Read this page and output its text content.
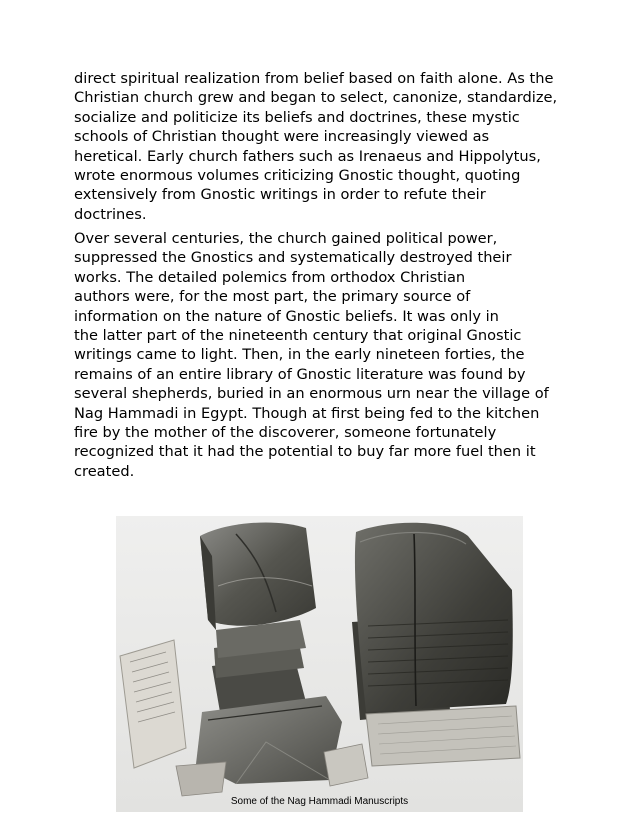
direct spiritual realization from belief based on faith alone. As the
Christian church grew and began to select, canonize, standardize,
socialize and politicize its beliefs and doctrines, these mystic
schools of Christian thought were increasingly viewed as
heretical. Early church fathers such as Irenaeus and Hippolytus,
wrote enormous volumes criticizing Gnostic thought, quoting
extensively from Gnostic writings in order to refute their
doctrines.
Over several centuries, the church gained political power,
suppressed the Gnostics and systematically destroyed their
works. The detailed polemics from orthodox Christian
authors were, for the most part, the primary source of
information on the nature of Gnostic beliefs. It was only in
the latter part of the nineteenth century that original Gnostic
writings came to light. Then, in the early nineteen forties, the
remains of an entire library of Gnostic literature was found by
several shepherds, buried in an enormous urn near the village of
Nag Hammadi in Egypt. Though at first being fed to the kitchen
fire by the mother of the discoverer, someone fortunately
recognized that it had the potential to buy far more fuel then it
created.
Some of the Nag Hammadi Manuscripts
